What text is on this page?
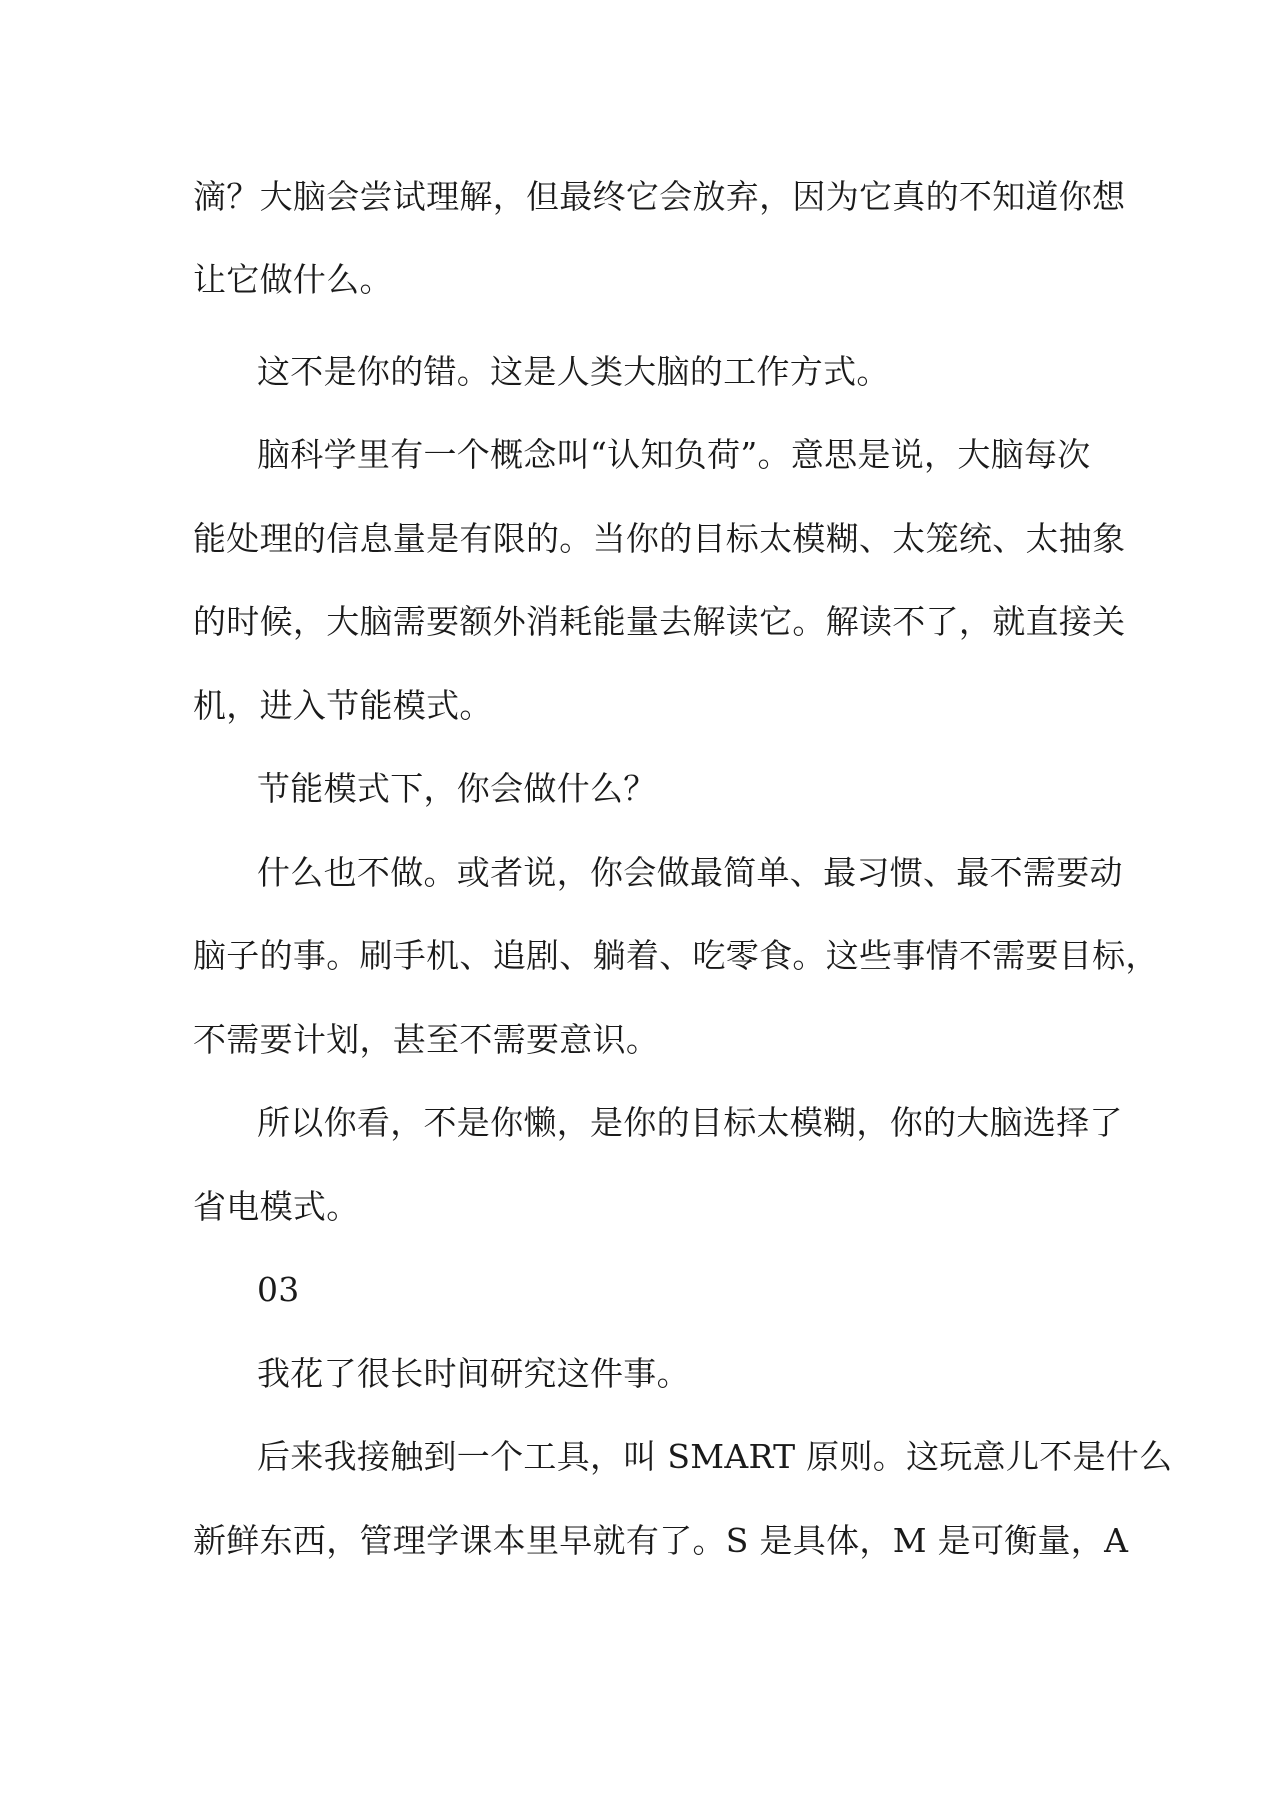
滴？大脑会尝试理解，但最终它会放弃，因为它真的不知道你想
让它做什么。
这不是你的错。这是人类大脑的工作方式。
脑科学里有一个概念叫“认知负荷”。意思是说，大脑每次
能处理的信息量是有限的。当你的目标太模糊、太笼统、太抽象
的时候，大脑需要额外消耗能量去解读它。解读不了，就直接关
机，进入节能模式。
节能模式下，你会做什么？
什么也不做。或者说，你会做最简单、最习惯、最不需要动
脑子的事。刷手机、追剧、躺着、吃零食。这些事情不需要目标，
不需要计划，甚至不需要意识。
所以你看，不是你懒，是你的目标太模糊，你的大脑选择了
省电模式。
03
我花了很长时间研究这件事。
后来我接触到一个工具，叫 SMART 原则。这玩意儿不是什么
新鲜东西，管理学课本里早就有了。S 是具体，M 是可衡量，A
